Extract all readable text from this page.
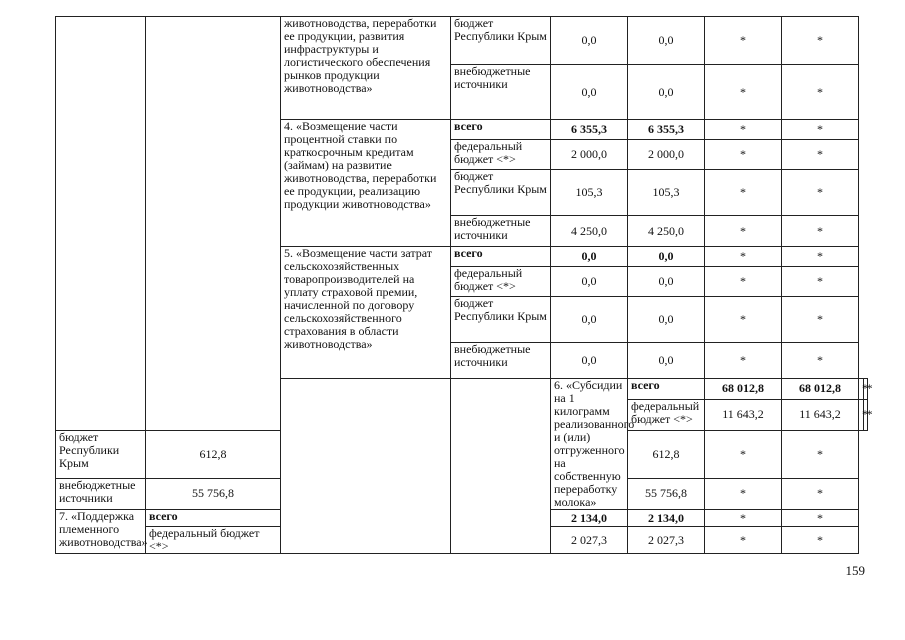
		животноводства, переработки ее продукции, развития инфраструктуры и логистического обеспечения рынков продукции животноводства»	бюджет Республики Крым	0,0	0,0	*	*		
			внебюджетные источники	0,0	0,0	*	*		
		4. «Возмещение части процентной ставки по краткосрочным кредитам (займам) на развитие животноводства, переработки ее продукции, реализацию продукции животноводства»	всего	6 355,3	6 355,3	*	*		
			федеральный бюджет <*>	2 000,0	2 000,0	*	*		
			бюджет Республики Крым	105,3	105,3	*	*		
			внебюджетные источники	4 250,0	4 250,0	*	*		
		5. «Возмещение части затрат сельскохозяйственных товаропроизводителей на уплату страховой премии, начисленной по договору сельскохозяйственного страхования в области животноводства»	всего	0,0	0,0	*	*		
			федеральный бюджет <*>	0,0	0,0	*	*		
			бюджет Республики Крым	0,0	0,0	*	*		
			внебюджетные источники	0,0	0,0	*	*		
				6. «Субсидии на 1 килограмм реализованного и (или) отгруженного на собственную переработку молока»	всего	68 012,8	68 012,8	*	*
					федеральный бюджет <*>	11 643,2	11 643,2	*	*
бюджет Республики Крым	612,8				612,8	*	*		
внебюджетные источники	55 756,8				55 756,8	*	*		
7. «Поддержка племенного животноводства»	всего			2 134,0	2 134,0	*	*		
	федеральный бюджет <*>			2 027,3	2 027,3	*	*		
159
